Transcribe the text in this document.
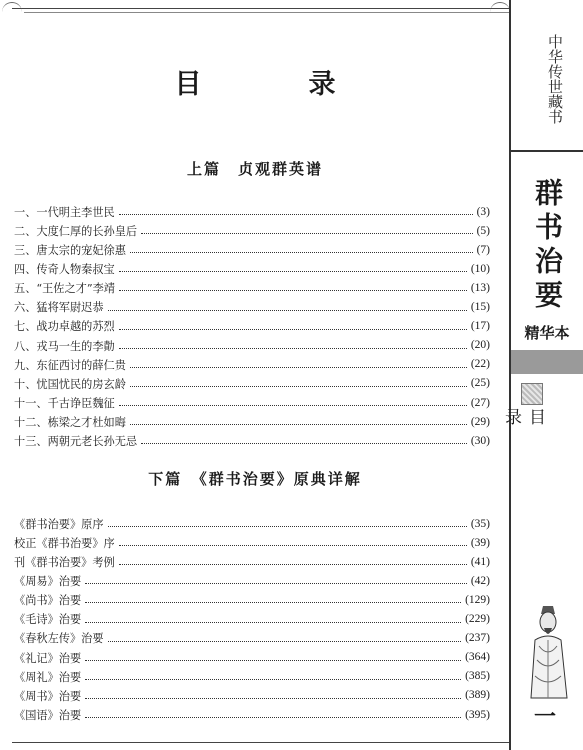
目　录
上篇　贞观群英谱
一、一代明主李世民	(3)
二、大度仁厚的长孙皇后	(5)
三、唐太宗的宠妃徐惠	(7)
四、传奇人物秦叔宝	(10)
五、“王佐之才”李靖	(13)
六、猛将军尉迟恭	(15)
七、战功卓越的苏烈	(17)
八、戎马一生的李勣	(20)
九、东征西讨的薛仁贵	(22)
十、忧国忧民的房玄龄	(25)
十一、千古诤臣魏征	(27)
十二、栋梁之才杜如晦	(29)
十三、两朝元老长孙无忌	(30)
下篇　《群书治要》原典详解
《群书治要》原序	(35)
校正《群书治要》序	(39)
刊《群书治要》考例	(41)
《周易》治要	(42)
《尚书》治要	(129)
《毛诗》治要	(229)
《春秋左传》治要	(237)
《礼记》治要	(364)
《周礼》治要	(385)
《周书》治要	(389)
《国语》治要	(395)
中华传世藏书
群书治要
精华本
目　录
一
